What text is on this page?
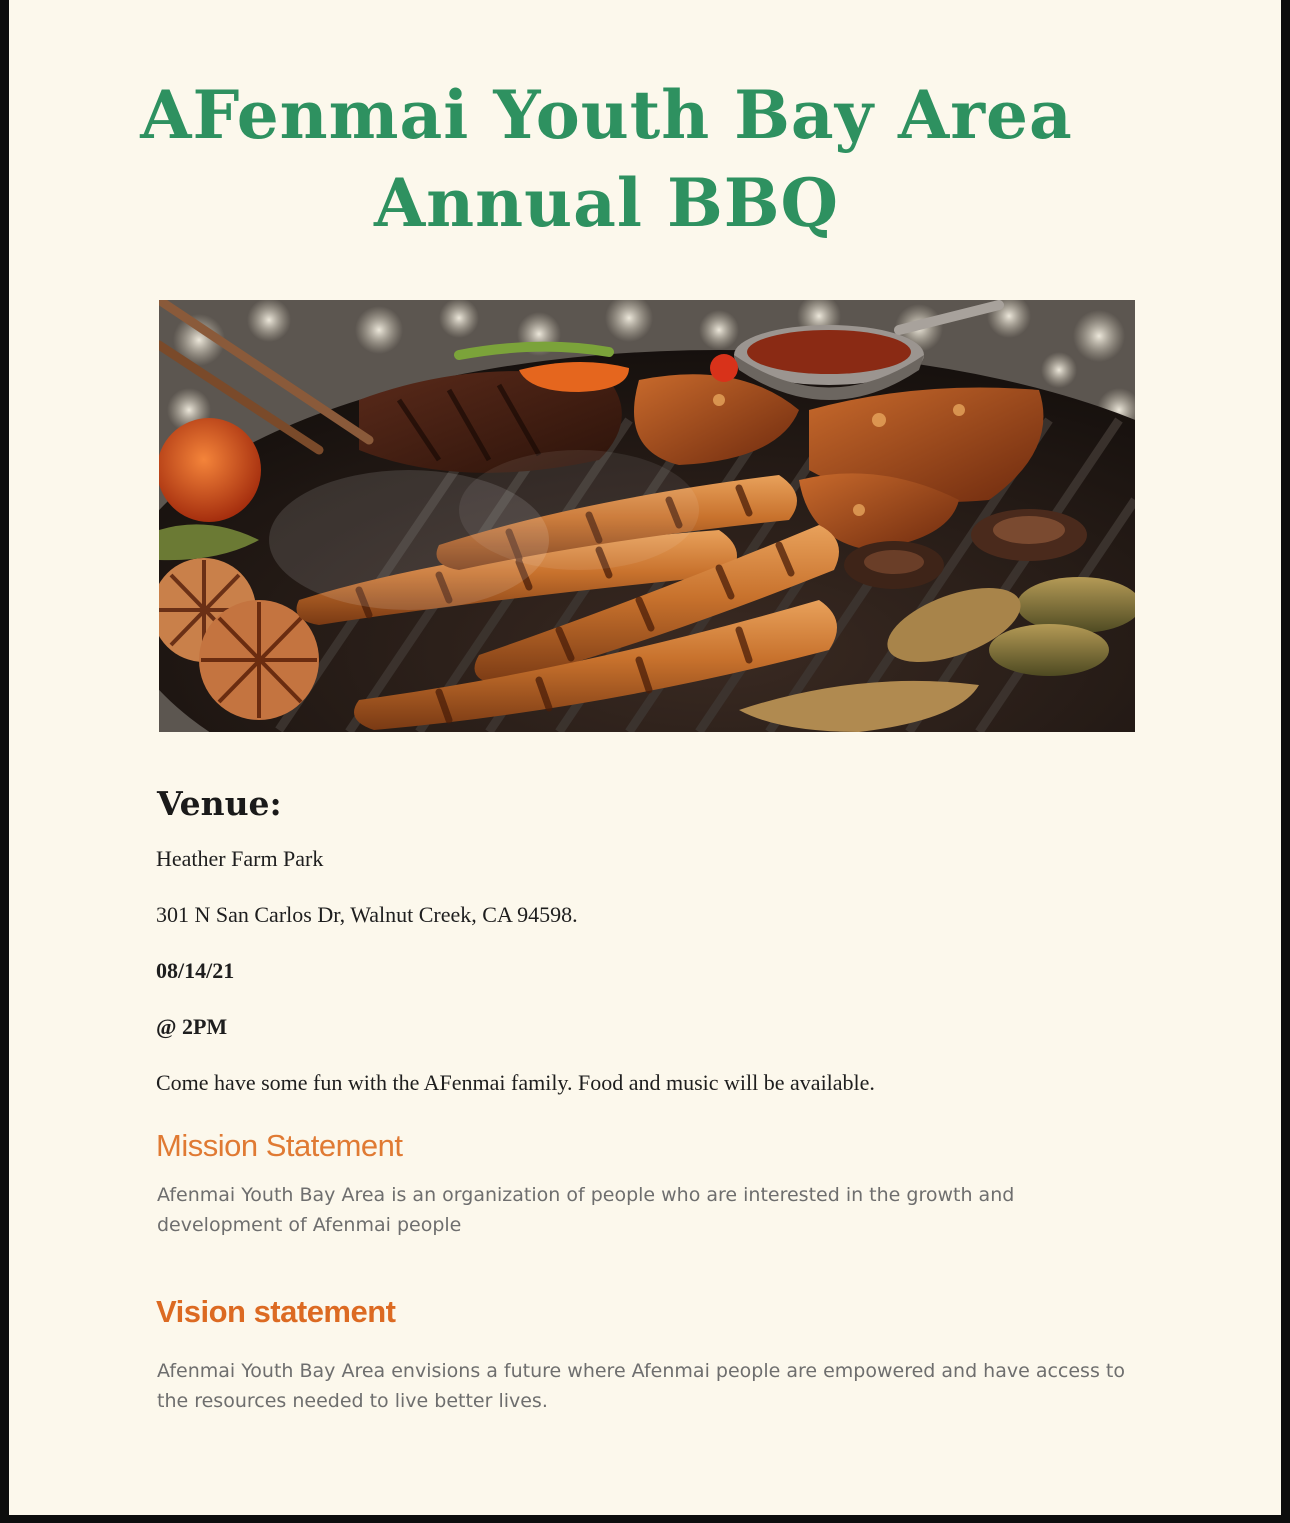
AFenmai Youth Bay Area
Annual BBQ
Venue:

Heather Farm Park

301 N San Carlos Dr, Walnut Creek, CA 94598.

08/14/21

@ 2PM

Come have some fun with the AFenmai family. Food and music will be available.

Mission Statement

Afenmai Youth Bay Area is an organization of people who are interested in the growth and development of Afenmai people

Vision statement

Afenmai Youth Bay Area envisions a future where Afenmai people are empowered and have access to the resources needed to live better lives.
